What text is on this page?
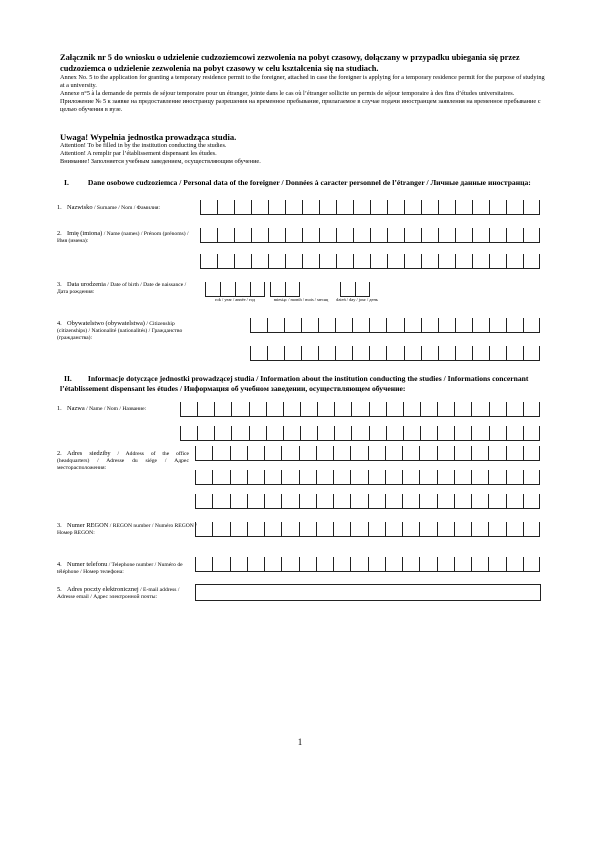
Załącznik nr 5 do wniosku o udzielenie cudzoziemcowi zezwolenia na pobyt czasowy, dołączany w przypadku ubiegania się przez cudzoziemca o udzielenie zezwolenia na pobyt czasowy w celu kształcenia się na studiach.

Annex No. 5 to the application for granting a temporary residence permit to the foreigner, attached in case the foreigner is applying for a temporary residence permit for the purpose of studying at a university.

Annexe n°5 à la demande de permis de séjour temporaire pour un étranger, jointe dans le cas où l’étranger sollicite un permis de séjour temporaire à des fins d’études universitaires.

Приложение № 5 к заявке на предоставление иностранцу разрешения на временное пребывание, прилагаемое в случае подачи иностранцем заявления на временное пребывание с целью обучения в вузе.

Uwaga! Wypełnia jednostka prowadząca studia.
Attention! To be filled in by the institution conducting the studies.
Attention! A remplir par l’établissement dispensant les études.
Внимание! Заполняется учебным заведением, осуществляющим обучение.
I.	Dane osobowe cudzoziemca / Personal data of the foreigner / Données à caracter personnel de l’étranger / Личные данные иностранца:
1. Nazwisko / Surname / Nom / Фамилия:
2. Imię (imiona) / Name (names) / Prénom (prénoms) / Имя (имена):
3. Data urodzenia / Date of birth / Date de naissance / Дата рождения:
rok / year / année / год	miesiąc / month / mois / месяц	dzień / day / jour / день
4. Obywatelstwo (obywatelstwa) / Citizenship (citizenships) / Nationalité (nationalités) / Гражданство (гражданства):
II. Informacje dotyczące jednostki prowadzącej studia / Information about the institution conducting the studies / Informations concernant l’établissement dispensant les études / Информация об учебном заведении, осуществляющем обучение:
1. Nazwa / Name / Nom / Название:
2. Adres siedziby / Address of the office (headquarters) / Adresse du siége / Адрес месторасположения:
3. Numer REGON / REGON number / Numéro REGON / Номер REGON:
4. Numer telefonu / Telephone number / Numéro de téléphone / Номер телефона:
5. Adres poczty elektronicznej / E-mail address / Adresse email / Адрес электронной почты:
1
